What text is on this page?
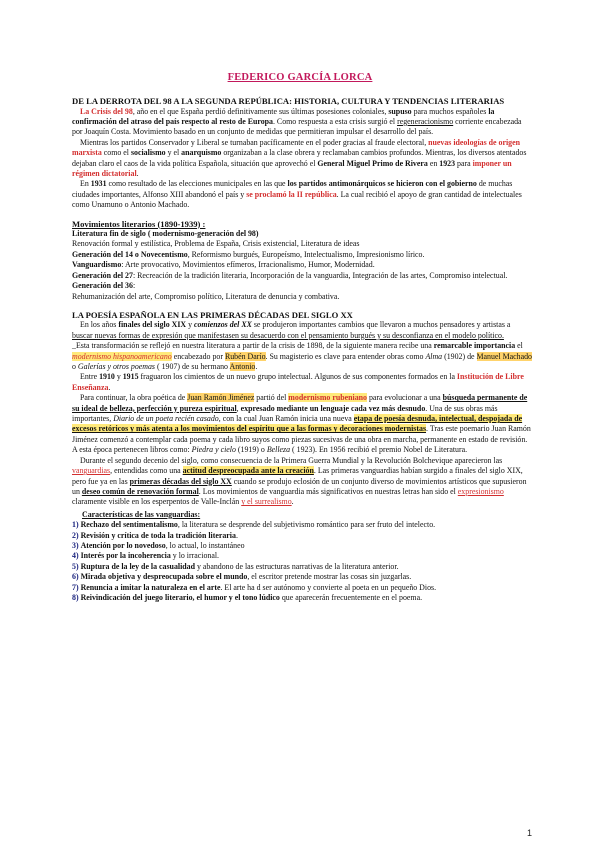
FEDERICO GARCÍA LORCA

DE LA DERROTA DEL 98 A LA SEGUNDA REPÚBLICA: HISTORIA, CULTURA Y TENDENCIAS LITERARIAS

La Crisis del 98, año en el que España perdió definitivamente sus últimas posesiones coloniales, supuso para muchos españoles la confirmación del atraso del país respecto al resto de Europa. Como respuesta a esta crisis surgió el regeneracionismo corriente encabezada por Joaquín Costa. Movimiento basado en un conjunto de medidas que permitieran impulsar el desarrollo del país.

Mientras los partidos Conservador y Liberal se turnaban pacíficamente en el poder gracias al fraude electoral, nuevas ideologías de origen marxista como el socialismo y el anarquismo organizaban a la clase obrera y reclamaban cambios profundos. Mientras, los diversos atentados dejaban claro el caos de la vida política Española, situación que aprovechó el General Miguel Primo de Rivera en 1923 para imponer un régimen dictatorial.

En 1931 como resultado de las elecciones municipales en las que los partidos antimonárquicos se hicieron con el gobierno de muchas ciudades importantes, Alfonso XIII abandonó el país y se proclamó la II república. La cual recibió el apoyo de gran cantidad de intelectuales como Unamuno o Antonio Machado.

Movimientos literarios (1890-1939) :

Literatura fin de siglo ( modernismo-generación del 98)

Renovación formal y estilística, Problema de España, Crisis existencial, Literatura de ideas

Generación del 14 o Novecentismo, Reformismo burgués, Europeísmo, Intelectualismo, Impresionismo lírico.

Vanguardismo: Arte provocativo, Movimientos efímeros, Irracionalismo, Humor, Modernidad.

Generación del 27: Recreación de la tradición literaria, Incorporación de la vanguardia, Integración de las artes, Compromiso intelectual.

Generación del 36:

Rehumanización del arte, Compromiso político, Literatura de denuncia y combativa.

LA POESÍA ESPAÑOLA EN LAS PRIMERAS DÉCADAS DEL SIGLO XX

En los años finales del siglo XIX y comienzos del XX se produjeron importantes cambios que llevaron a muchos pensadores y artistas a buscar nuevas formas de expresión que manifestasen su desacuerdo con el pensamiento burgués y su desconfianza en el modelo político.

_Esta transformación se reflejó en nuestra literatura a partir de la crisis de 1898, de la siguiente manera recibe una remarcable importancia el modernismo hispanoamericano encabezado por Rubén Darío. Su magisterio es clave para entender obras como Alma (1902) de Manuel Machado o Galerías y otros poemas ( 1907) de su hermano Antonio.

Entre 1910 y 1915 fraguaron los cimientos de un nuevo grupo intelectual. Algunos de sus componentes formados en la Institución de Libre Enseñanza.

Para continuar, la obra poética de Juan Ramón Jiménez partió del modernismo rubeniano para evolucionar a una búsqueda permanente de su ideal de belleza, perfección y pureza espiritual, expresado mediante un lenguaje cada vez más desnudo. Una de sus obras más importantes, Diario de un poeta recién casado, con la cual Juan Ramón inicia una nueva etapa de poesía desnuda, intelectual, despojada de excesos retóricos y más atenta a los movimientos del espíritu que a las formas y decoraciones modernistas. Tras este poemario Juan Ramón Jiménez comenzó a contemplar cada poema y cada libro suyos como piezas sucesivas de una obra en marcha, permanente en estado de revisión. A esta época pertenecen libros como: Piedra y cielo (1919) o Belleza ( 1923). En 1956 recibió el premio Nobel de Literatura.

Durante el segundo decenio del siglo, como consecuencia de la Primera Guerra Mundial y la Revolución Bolchevique aparecieron las vanguardias, entendidas como una actitud despreocupada ante la creación. Las primeras vanguardias habían surgido a finales del siglo XIX, pero fue ya en las primeras décadas del siglo XX cuando se produjo eclosión de un conjunto diverso de movimientos artísticos que supusieron un deseo común de renovación formal. Los movimientos de vanguardia más significativos en nuestras letras han sido el expresionismo claramente visible en los esperpentos de Valle-Inclán y el surrealismo.

Características de las vanguardias:

1) Rechazo del sentimentalismo, la literatura se desprende del subjetivismo romántico para ser fruto del intelecto.

2) Revisión y crítica de toda la tradición literaria.

3) Atención por lo novedoso, lo actual, lo instantáneo

4) Interés por la incoherencia y lo irracional.

5) Ruptura de la ley de la casualidad y abandono de las estructuras narrativas de la literatura anterior.

6) Mirada objetiva y despreocupada sobre el mundo, el escritor pretende mostrar las cosas sin juzgarlas.

7) Renuncia a imitar la naturaleza en el arte. El arte ha d ser autónomo y convierte al poeta en un pequeño Dios.

8) Reivindicación del juego literario, el humor y el tono lúdico que aparecerán frecuentemente en el poema.

1
